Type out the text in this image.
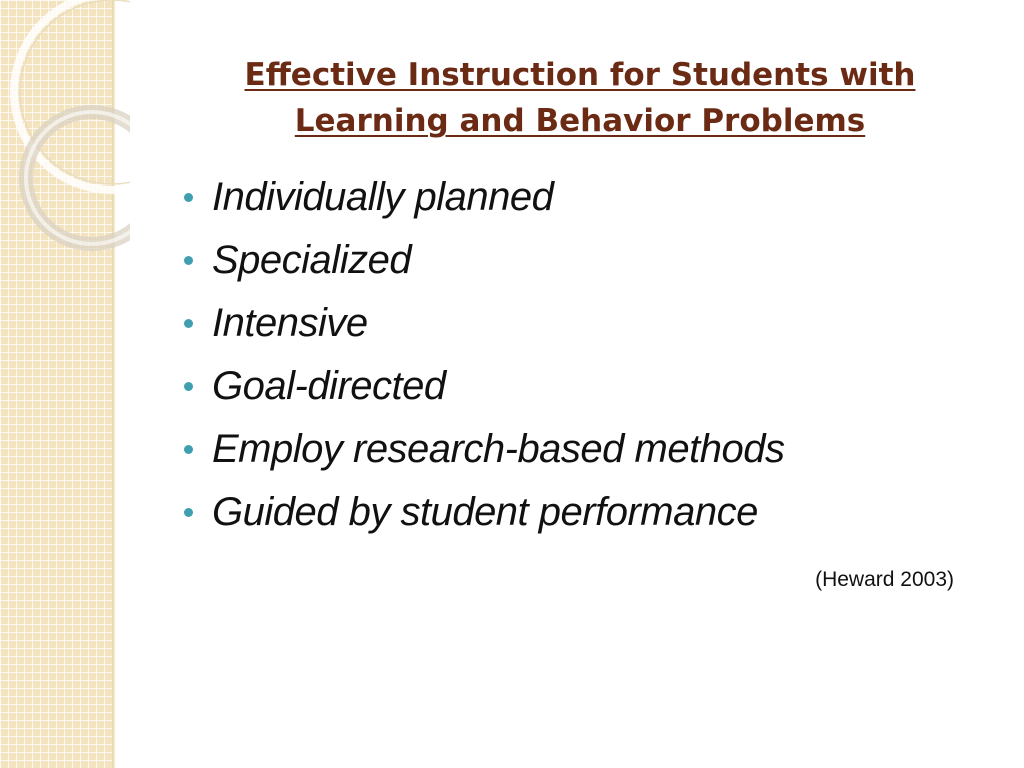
Effective Instruction for Students with
Learning and Behavior Problems
Individually planned
Specialized
Intensive
Goal-directed
Employ research-based methods
Guided by student performance
(Heward 2003)
